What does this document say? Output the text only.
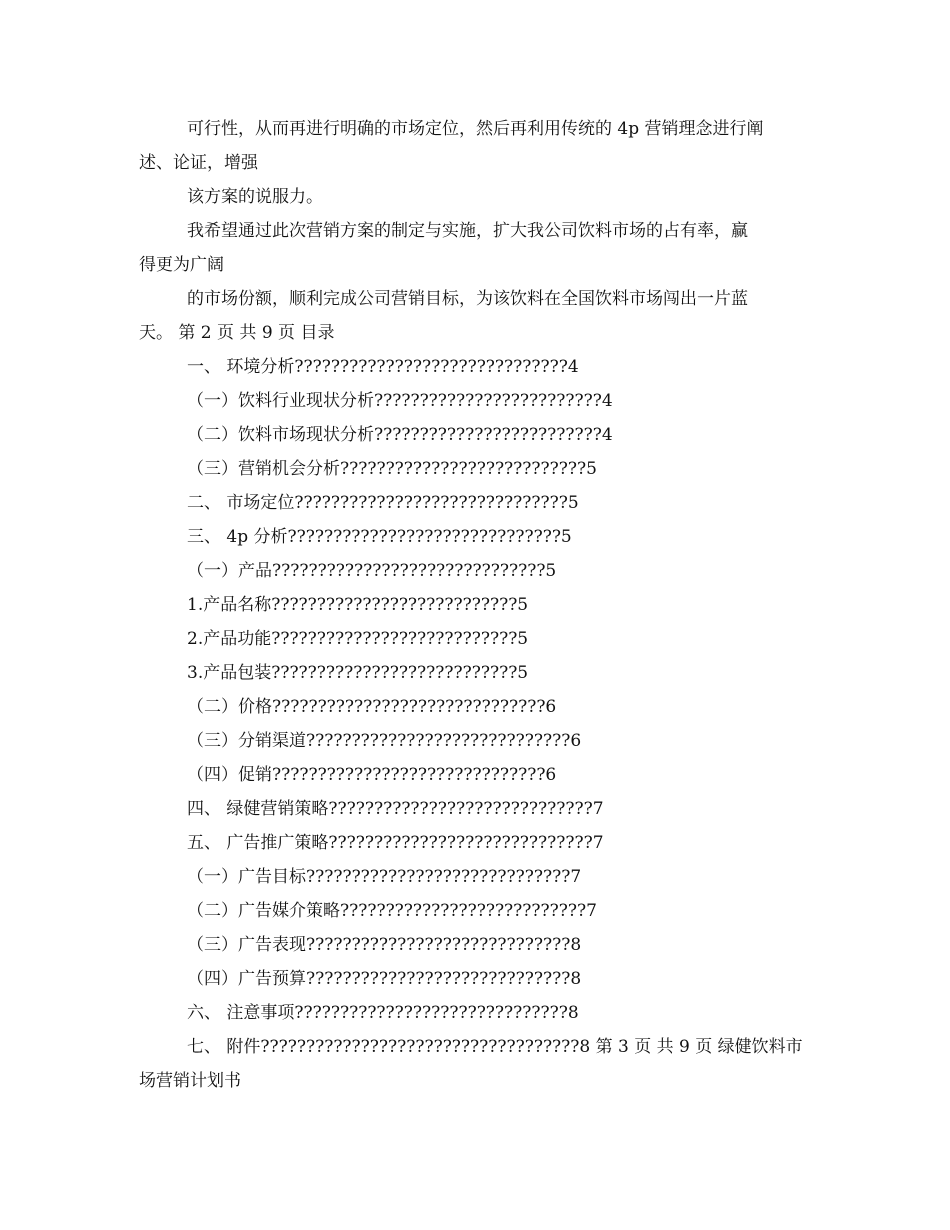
可行性，从而再进行明确的市场定位，然后再利用传统的 4p 营销理念进行阐
述、论证，增强
该方案的说服力。
我希望通过此次营销方案的制定与实施，扩大我公司饮料市场的占有率，赢
得更为广阔
的市场份额，顺利完成公司营销目标，为该饮料在全国饮料市场闯出一片蓝
天。 第 2 页 共 9 页 目录
一、 环境分析??????????????????????????????4
（一）饮料行业现状分析?????????????????????????4
（二）饮料市场现状分析?????????????????????????4
（三）营销机会分析???????????????????????????5
二、 市场定位??????????????????????????????5
三、 4p 分析??????????????????????????????5
（一）产品??????????????????????????????5
1.产品名称???????????????????????????5
2.产品功能???????????????????????????5
3.产品包装???????????????????????????5
（二）价格??????????????????????????????6
（三）分销渠道?????????????????????????????6
（四）促销??????????????????????????????6
四、 绿健营销策略?????????????????????????????7
五、 广告推广策略?????????????????????????????7
（一）广告目标?????????????????????????????7
（二）广告媒介策略???????????????????????????7
（三）广告表现?????????????????????????????8
（四）广告预算?????????????????????????????8
六、 注意事项??????????????????????????????8
七、 附件???????????????????????????????????8 第 3 页 共 9 页 绿健饮料市
场营销计划书
